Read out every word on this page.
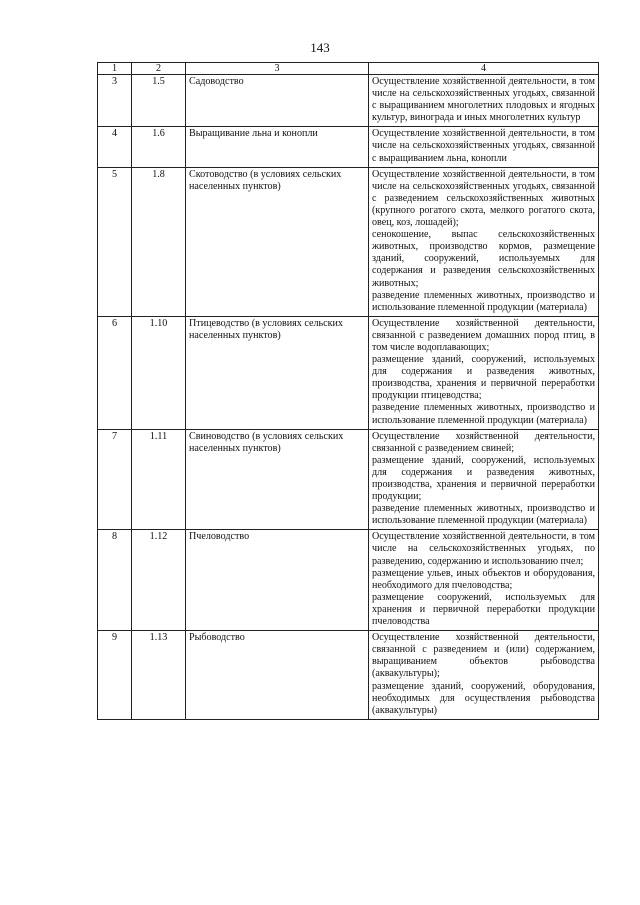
143
1	2	3	4
3	1.5	Садоводство	Осуществление хозяйственной деятельности, в том числе на сельскохозяйственных угодьях, связанной с выращиванием многолетних плодовых и ягодных культур, винограда и иных многолетних культур

4	1.6	Выращивание льна и конопли	Осуществление хозяйственной деятельности, в том числе на сельскохозяйственных угодьях, связанной с выращиванием льна, конопли

5	1.8	Скотоводство (в условиях сельских населенных пунктов)	Осуществление хозяйственной деятельности, в том числе на сельскохозяйственных угодьях, связанной с разведением сельскохозяйственных животных (крупного рогатого скота, мелкого рогатого скота, овец, коз, лошадей);
сенокошение, выпас сельскохозяйственных животных, производство кормов, размещение зданий, сооружений, используемых для содержания и разведения сельскохозяйственных животных;
разведение племенных животных, производство и использование племенной продукции (материала)

6	1.10	Птицеводство (в условиях сельских населенных пунктов)	Осуществление хозяйственной деятельности, связанной с разведением домашних пород птиц, в том числе водоплавающих;
размещение зданий, сооружений, используемых для содержания и разведения животных, производства, хранения и первичной переработки продукции птицеводства;
разведение племенных животных, производство и использование племенной продукции (материала)

7	1.11	Свиноводство (в условиях сельских населенных пунктов)	Осуществление хозяйственной деятельности, связанной с разведением свиней;
размещение зданий, сооружений, используемых для содержания и разведения животных, производства, хранения и первичной переработки продукции;
разведение племенных животных, производство и использование племенной продукции (материала)

8	1.12	Пчеловодство	Осуществление хозяйственной деятельности, в том числе на сельскохозяйственных угодьях, по разведению, содержанию и использованию пчел;
размещение ульев, иных объектов и оборудования, необходимого для пчеловодства;
размещение сооружений, используемых для хранения и первичной переработки продукции пчеловодства

9	1.13	Рыбоводство	Осуществление хозяйственной деятельности, связанной с разведением и (или) содержанием, выращиванием объектов рыбоводства (аквакультуры);
размещение зданий, сооружений, оборудования, необходимых для осуществления рыбоводства (аквакультуры)
